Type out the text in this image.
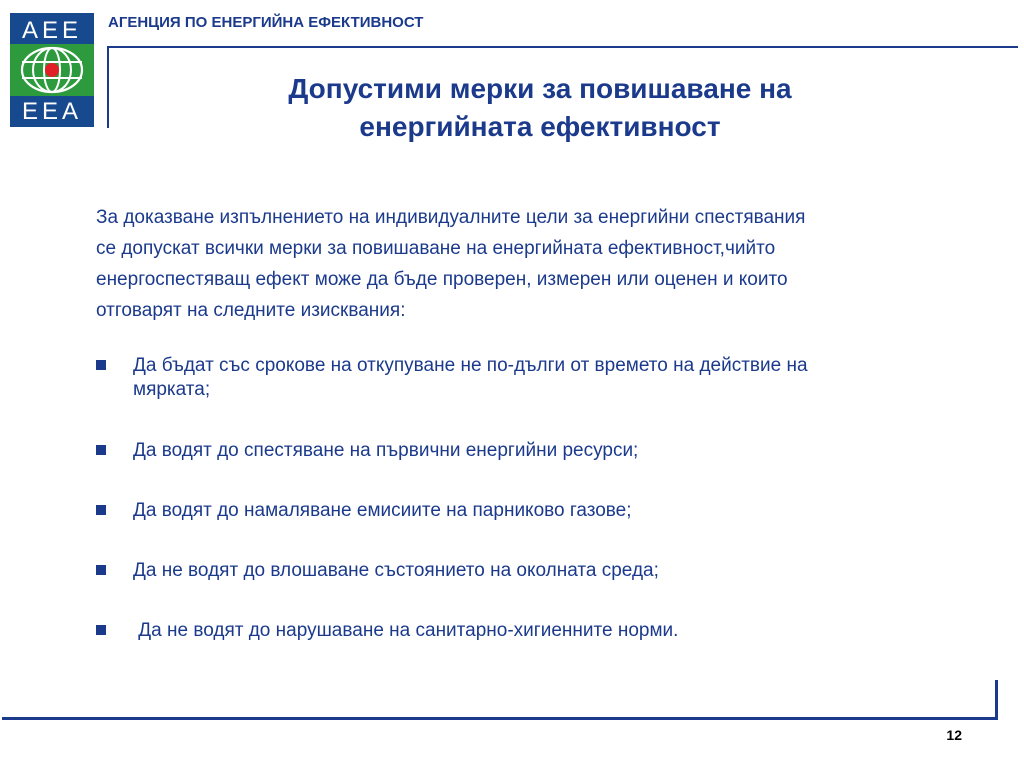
AEE
EEA
АГЕНЦИЯ ПО ЕНЕРГИЙНА ЕФЕКТИВНОСТ
Допустими мерки за повишаване на
енергийната ефективност
За доказване изпълнението на индивидуалните цели за енергийни спестявания
се допускат всички мерки за повишаване на енергийната ефективност,чийто
енергоспестяващ ефект може да бъде проверен, измерен или оценен и които
отговарят на следните изисквания:
Да бъдат със срокове на откупуване не по-дълги от времето на действие на
мярката;
Да водят до спестяване на първични енергийни ресурси;
Да водят до намаляване емисиите на парниково газове;
Да не водят до влошаване състоянието на околната среда;
Да не водят до нарушаване на санитарно-хигиенните норми.
12
